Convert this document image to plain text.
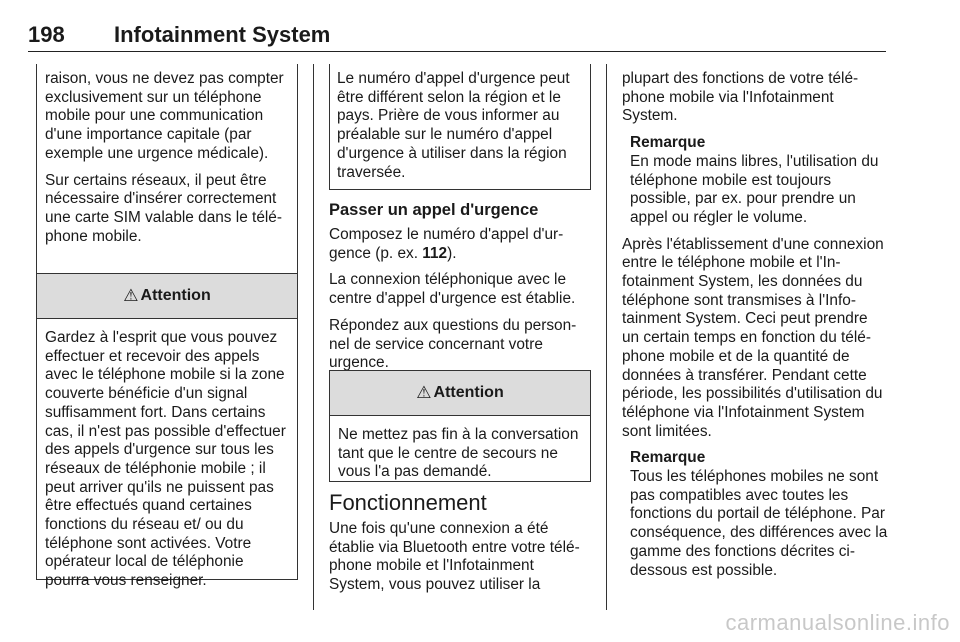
198 Infotainment System

raison, vous ne devez pas compter exclusivement sur un téléphone mobile pour une communication d'une importance capitale (par exemple une urgence médicale).

Sur certains réseaux, il peut être nécessaire d'insérer correctement une carte SIM valable dans le téléphone mobile.

⚠ Attention
Gardez à l'esprit que vous pouvez effectuer et recevoir des appels avec le téléphone mobile si la zone couverte bénéficie d'un signal suffisamment fort. Dans certains cas, il n'est pas possible d'effectuer des appels d'urgence sur tous les réseaux de téléphonie mobile ; il peut arriver qu'ils ne puissent pas être effectués quand certaines fonctions du réseau et/ ou du téléphone sont activées. Votre opérateur local de téléphonie pourra vous renseigner.
Le numéro d'appel d'urgence peut être différent selon la région et le pays. Prière de vous informer au préalable sur le numéro d'appel d'urgence à utiliser dans la région traversée.
Passer un appel d'urgence

Composez le numéro d'appel d'urgence (p. ex. 112).

La connexion téléphonique avec le centre d'appel d'urgence est établie.

Répondez aux questions du personnel de service concernant votre urgence.

⚠ Attention
Ne mettez pas fin à la conversation tant que le centre de secours ne vous l'a pas demandé.
Fonctionnement
Une fois qu'une connexion a été établie via Bluetooth entre votre téléphone mobile et l'Infotainment System, vous pouvez utiliser la

plupart des fonctions de votre téléphone mobile via l'Infotainment System.

Remarque
En mode mains libres, l'utilisation du téléphone mobile est toujours possible, par ex. pour prendre un appel ou régler le volume.

Après l'établissement d'une connexion entre le téléphone mobile et l'Infotainment System, les données du téléphone sont transmises à l'Infotainment System. Ceci peut prendre un certain temps en fonction du téléphone mobile et de la quantité de données à transférer. Pendant cette période, les possibilités d'utilisation du téléphone via l'Infotainment System sont limitées.

Remarque
Tous les téléphones mobiles ne sont pas compatibles avec toutes les fonctions du portail de téléphone. Par conséquence, des différences avec la gamme des fonctions décrites ci-dessous est possible.
carmanualsonline.info
